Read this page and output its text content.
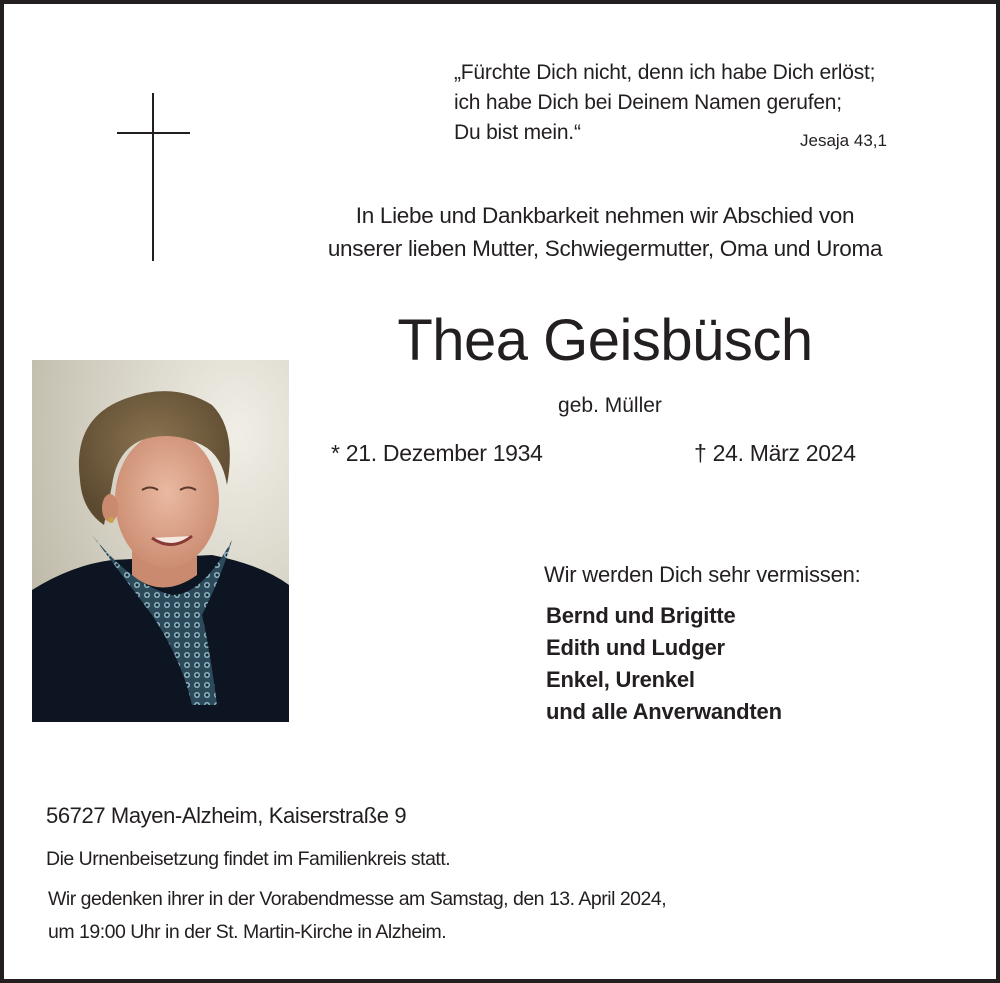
„Fürchte Dich nicht, denn ich habe Dich erlöst;
ich habe Dich bei Deinem Namen gerufen;
Du bist mein.“	Jesaja 43,1
In Liebe und Dankbarkeit nehmen wir Abschied von
unserer lieben Mutter, Schwiegermutter, Oma und Uroma
Thea Geisbüsch
geb. Müller
* 21. Dezember 1934	† 24. März 2024
Wir werden Dich sehr vermissen:
Bernd und Brigitte
Edith und Ludger
Enkel, Urenkel
und alle Anverwandten
56727 Mayen-Alzheim, Kaiserstraße 9
Die Urnenbeisetzung findet im Familienkreis statt.
Wir gedenken ihrer in der Vorabendmesse am Samstag, den 13. April 2024,
um 19:00 Uhr in der St. Martin-Kirche in Alzheim.
